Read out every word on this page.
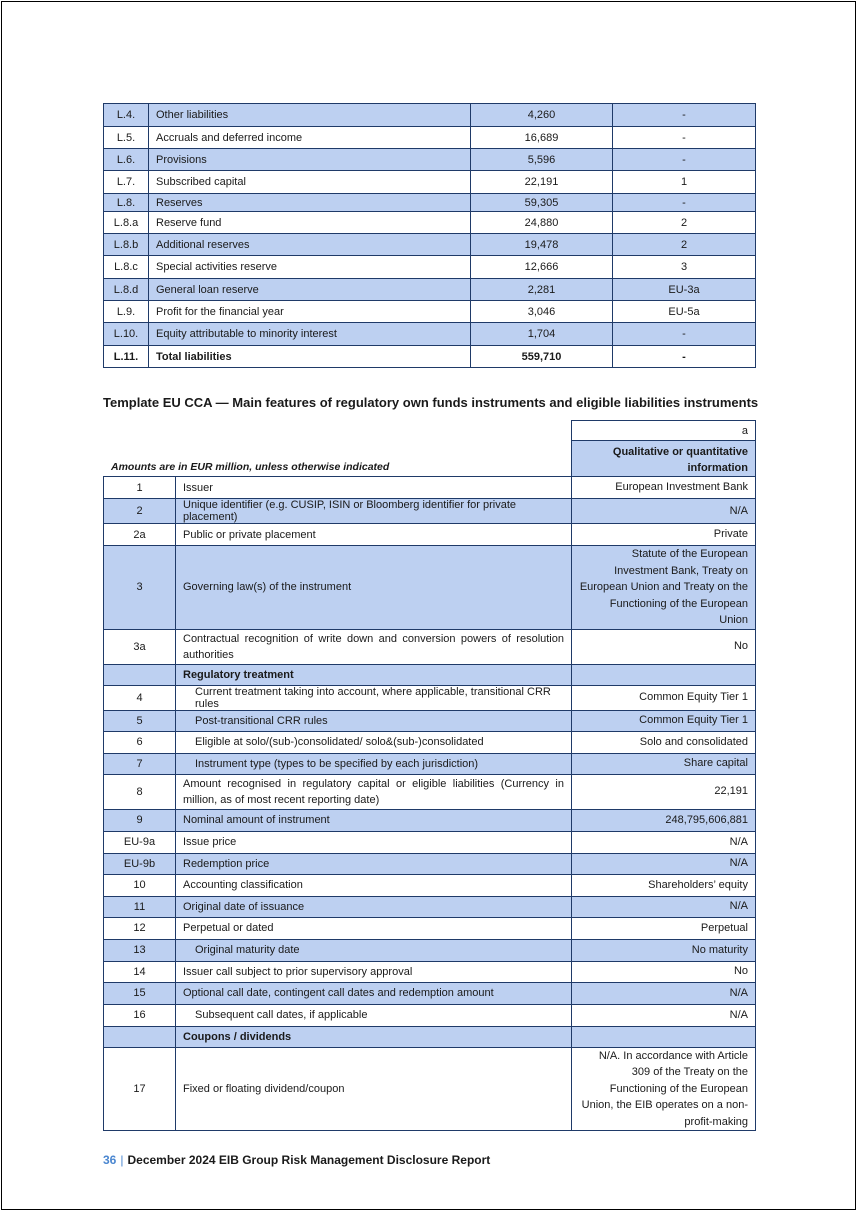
L.4.	Other liabilities	4,260	-
L.5.	Accruals and deferred income	16,689	-
L.6.	Provisions	5,596	-
L.7.	Subscribed capital	22,191	1
L.8.	Reserves	59,305	-
L.8.a	Reserve fund	24,880	2
L.8.b	Additional reserves	19,478	2
L.8.c	Special activities reserve	12,666	3
L.8.d	General loan reserve	2,281	EU-3a
L.9.	Profit for the financial year	3,046	EU-5a
L.10.	Equity attributable to minority interest	1,704	-
L.11.	Total liabilities	559,710	-
Template EU CCA — Main features of regulatory own funds instruments and eligible liabilities instruments
Amounts are in EUR million, unless otherwise indicated
a
Qualitative or quantitative information
1	Issuer	European Investment Bank
2	Unique identifier (e.g. CUSIP, ISIN or Bloomberg identifier for private placement)	N/A
2a	Public or private placement	Private
3	Governing law(s) of the instrument	Statute of the European Investment Bank, Treaty on European Union and Treaty on the Functioning of the European Union
3a	Contractual recognition of write down and conversion powers of resolution authorities	No
	Regulatory treatment	
4	Current treatment taking into account, where applicable, transitional CRR rules	Common Equity Tier 1
5	Post-transitional CRR rules	Common Equity Tier 1
6	Eligible at solo/(sub-)consolidated/ solo&(sub-)consolidated	Solo and consolidated
7	Instrument type (types to be specified by each jurisdiction)	Share capital
8	Amount recognised in regulatory capital or eligible liabilities (Currency in million, as of most recent reporting date)	22,191
9	Nominal amount of instrument	248,795,606,881
EU-9a	Issue price	N/A
EU-9b	Redemption price	N/A
10	Accounting classification	Shareholders’ equity
11	Original date of issuance	N/A
12	Perpetual or dated	Perpetual
13	Original maturity date	No maturity
14	Issuer call subject to prior supervisory approval	No
15	Optional call date, contingent call dates and redemption amount	N/A
16	Subsequent call dates, if applicable	N/A
	Coupons / dividends	
17	Fixed or floating dividend/coupon	N/A. In accordance with Article 309 of the Treaty on the Functioning of the European Union, the EIB operates on a non-profit-making
36 | December 2024 EIB Group Risk Management Disclosure Report
